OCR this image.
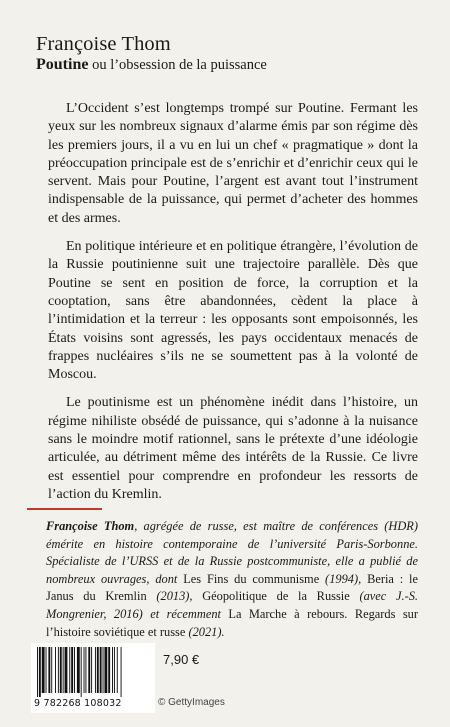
Françoise Thom
Poutine ou l’obsession de la puissance

L’Occident s’est longtemps trompé sur Poutine. Fermant les yeux sur les nombreux signaux d’alarme émis par son régime dès les premiers jours, il a vu en lui un chef « pragmatique » dont la préoccupation principale est de s’enrichir et d’enrichir ceux qui le servent. Mais pour Poutine, l’argent est avant tout l’instrument indispensable de la puissance, qui permet d’acheter des hommes et des armes.

En politique intérieure et en politique étrangère, l’évolution de la Russie poutinienne suit une trajectoire parallèle. Dès que Poutine se sent en position de force, la corruption et la cooptation, sans être abandonnées, cèdent la place à l’intimidation et la terreur : les opposants sont empoisonnés, les États voisins sont agressés, les pays occidentaux menacés de frappes nucléaires s’ils ne se soumettent pas à la volonté de Moscou.

Le poutinisme est un phénomène inédit dans l’histoire, un régime nihiliste obsédé de puissance, qui s’adonne à la nuisance sans le moindre motif rationnel, sans le prétexte d’une idéologie articulée, au détriment même des intérêts de la Russie. Ce livre est essentiel pour comprendre en profondeur les ressorts de l’action du Kremlin.

Françoise Thom, agrégée de russe, est maître de conférences (HDR) émérite en histoire contemporaine de l’université Paris-Sorbonne. Spécialiste de l’URSS et de la Russie postcommuniste, elle a publié de nombreux ouvrages, dont Les Fins du communisme (1994), Beria : le Janus du Kremlin (2013), Géopolitique de la Russie (avec J.-S. Mongrenier, 2016) et récemment La Marche à rebours. Regards sur l’histoire soviétique et russe (2021).
9 782268 108032
7,90 €
© GettyImages
